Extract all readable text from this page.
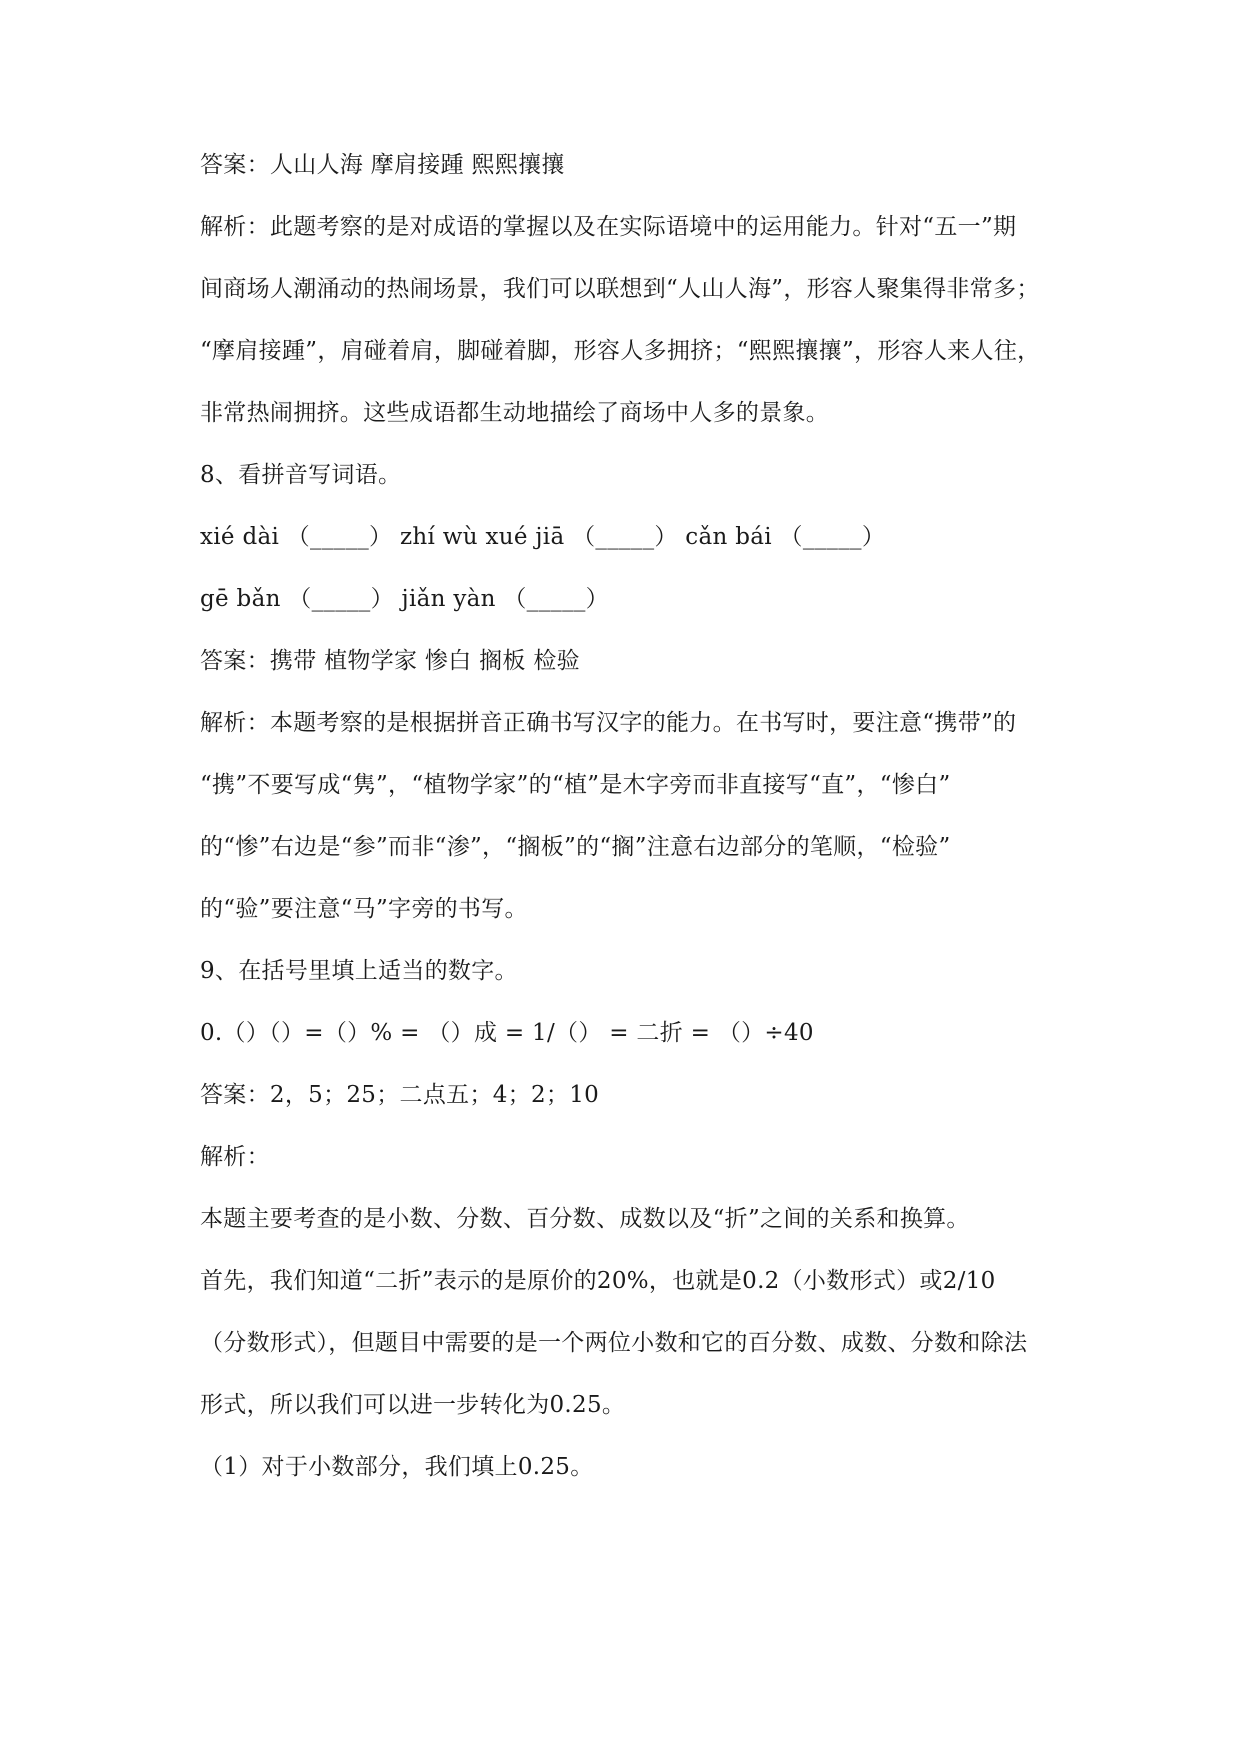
答案：人山人海 摩肩接踵 熙熙攘攘
解析：此题考察的是对成语的掌握以及在实际语境中的运用能力。针对“五一”期
间商场人潮涌动的热闹场景，我们可以联想到“人山人海”，形容人聚集得非常多；
“摩肩接踵”，肩碰着肩，脚碰着脚，形容人多拥挤；“熙熙攘攘”，形容人来人往，
非常热闹拥挤。这些成语都生动地描绘了商场中人多的景象。
8、看拼音写词语。
xié dài （_____） zhí wù xué jiā （_____） cǎn bái （_____）
gē bǎn （_____） jiǎn yàn （_____）
答案：携带 植物学家 惨白 搁板 检验
解析：本题考察的是根据拼音正确书写汉字的能力。在书写时，要注意“携带”的
“携”不要写成“隽”，“植物学家”的“植”是木字旁而非直接写“直”，“惨白”
的“惨”右边是“参”而非“渗”，“搁板”的“搁”注意右边部分的笔顺，“检验”
的“验”要注意“马”字旁的书写。
9、在括号里填上适当的数字。
0.（）（）=（）% = （）成 = 1/（） = 二折 = （）÷40
答案：2，5；25；二点五；4；2；10
解析：
本题主要考查的是小数、分数、百分数、成数以及“折”之间的关系和换算。
首先，我们知道“二折”表示的是原价的20%，也就是0.2（小数形式）或2/10
（分数形式），但题目中需要的是一个两位小数和它的百分数、成数、分数和除法
形式，所以我们可以进一步转化为0.25。
（1）对于小数部分，我们填上0.25。
